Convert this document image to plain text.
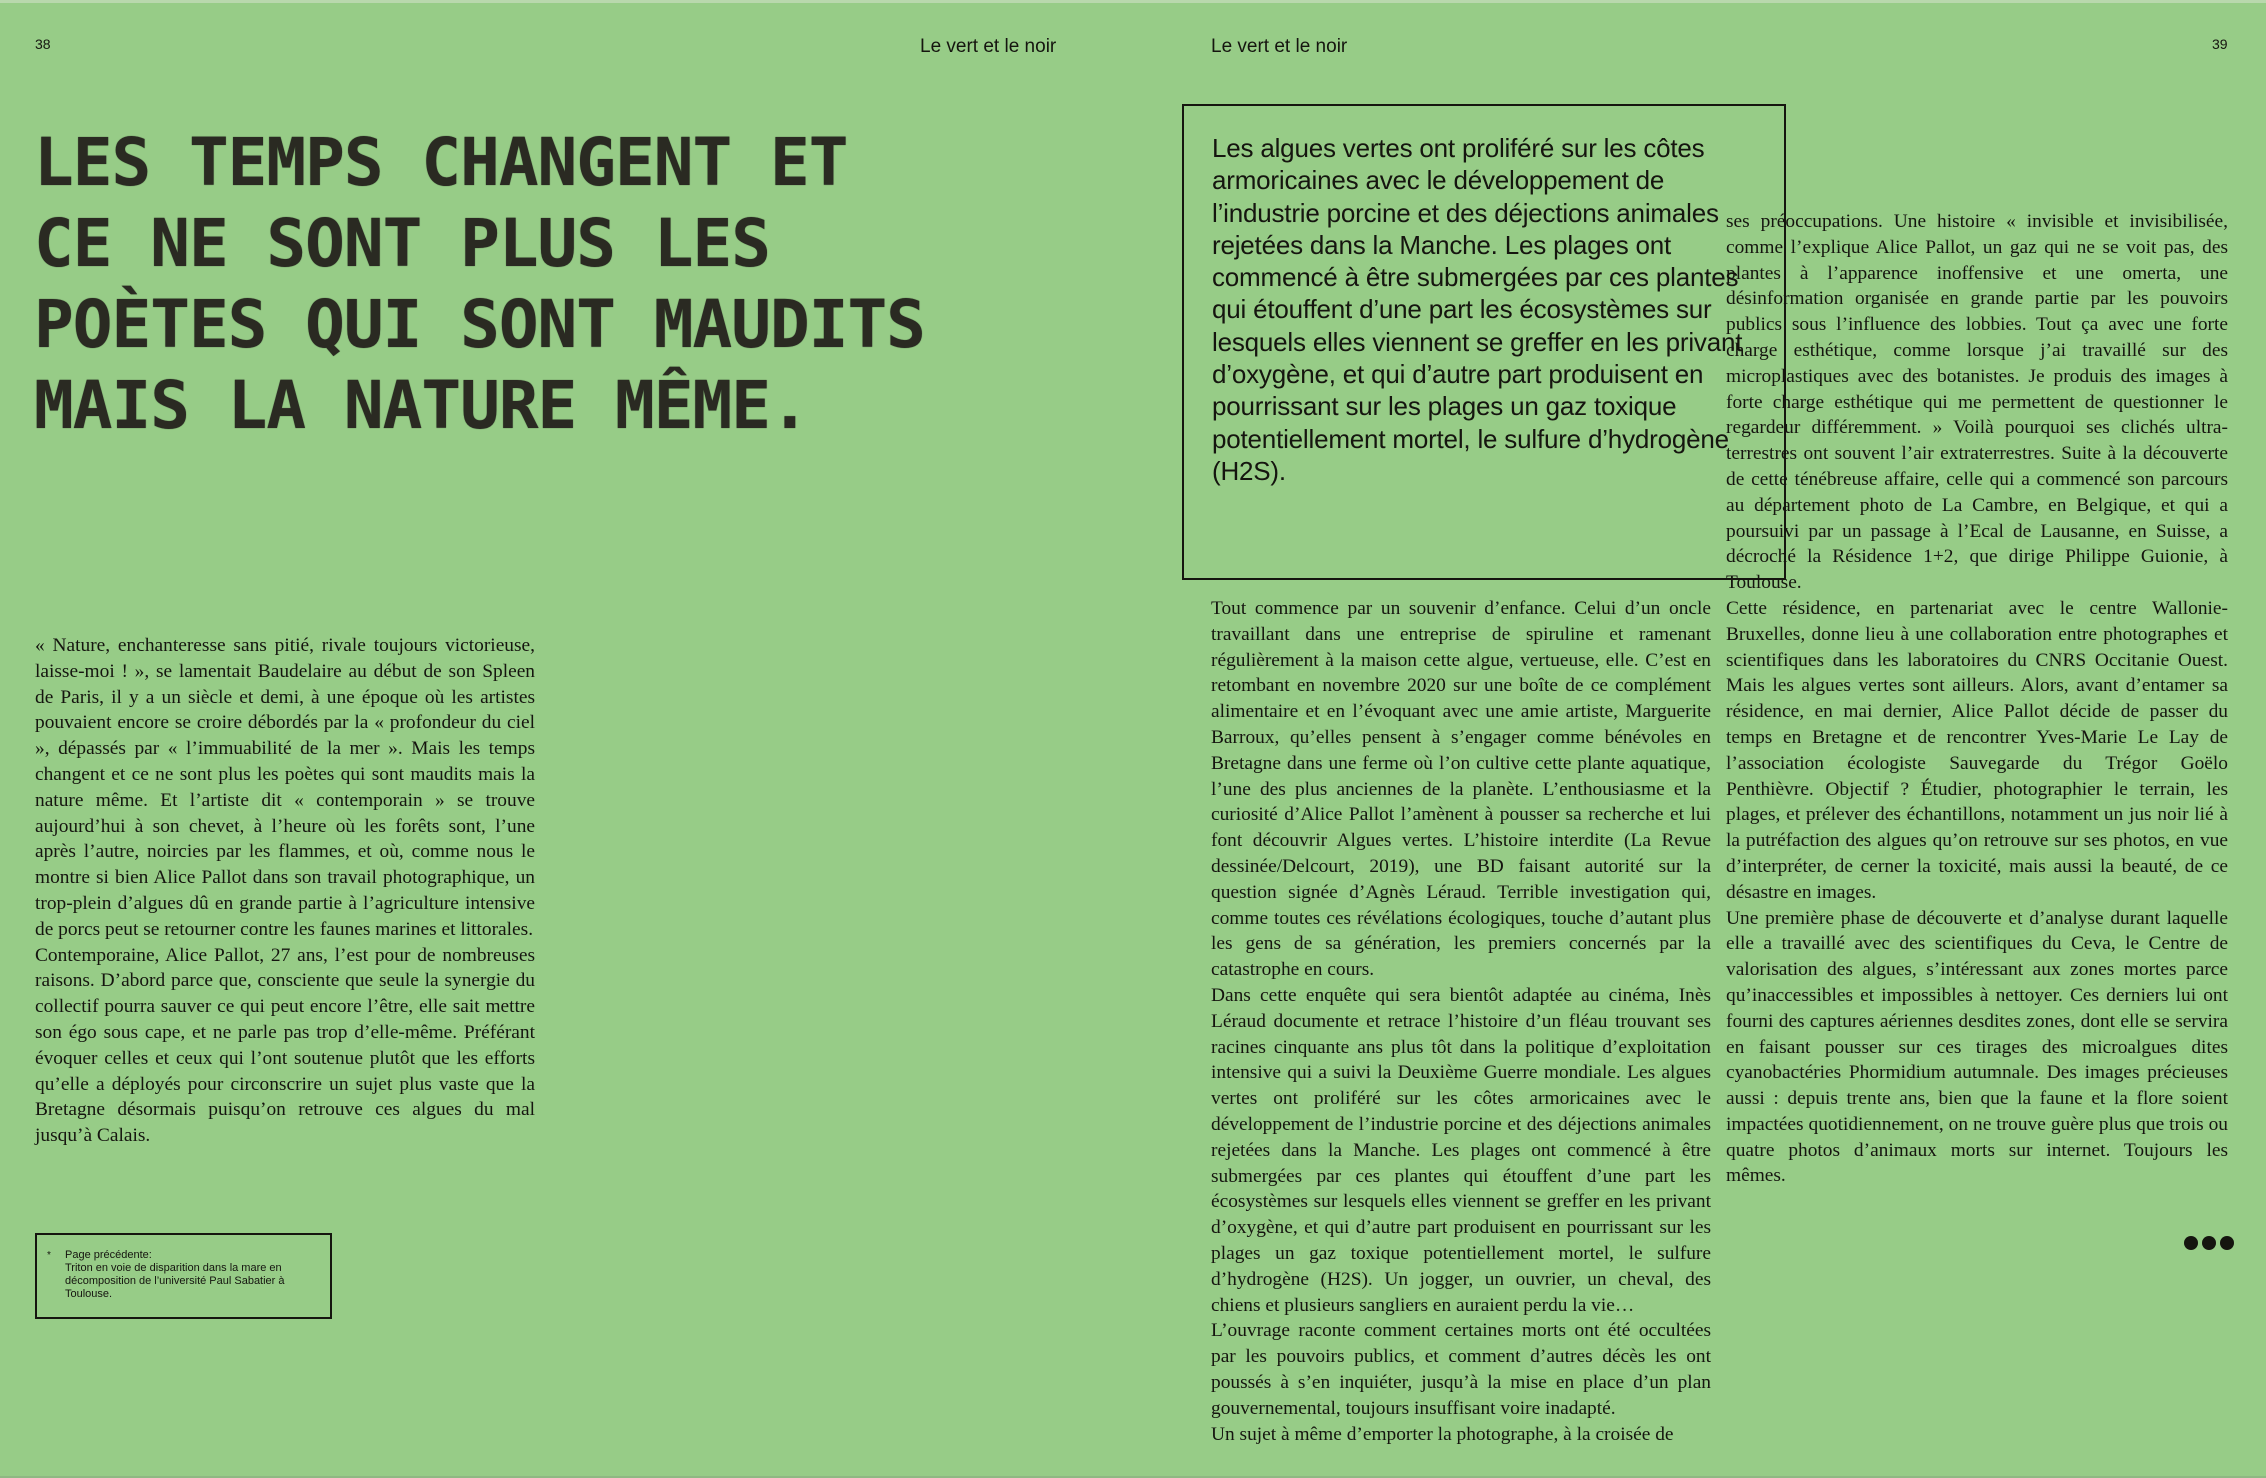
38	Le vert et le noir
LES TEMPS CHANGENT ET CE NE SONT PLUS LES POÈTES QUI SONT MAUDITS MAIS LA NATURE MÊME.

« Nature, enchanteresse sans pitié, rivale toujours victorieuse, laisse-moi ! », se lamentait Baudelaire au début de son Spleen de Paris, il y a un siècle et demi, à une époque où les artistes pouvaient encore se croire débordés par la « profondeur du ciel », dépassés par « l’immuabilité de la mer ». Mais les temps changent et ce ne sont plus les poètes qui sont maudits mais la nature même. Et l’artiste dit « contemporain » se trouve aujourd’hui à son chevet, à l’heure où les forêts sont, l’une après l’autre, noircies par les flammes, et où, comme nous le montre si bien Alice Pallot dans son travail photographique, un trop-plein d’algues dû en grande partie à l’agriculture intensive de porcs peut se retourner contre les faunes marines et littorales.

Contemporaine, Alice Pallot, 27 ans, l’est pour de nombreuses raisons. D’abord parce que, consciente que seule la synergie du collectif pourra sauver ce qui peut encore l’être, elle sait mettre son égo sous cape, et ne parle pas trop d’elle-même. Préférant évoquer celles et ceux qui l’ont soutenue plutôt que les efforts qu’elle a déployés pour circonscrire un sujet plus vaste que la Bretagne désormais puisqu’on retrouve ces algues du mal jusqu’à Calais.

* Page précédente:
Triton en voie de disparition dans la mare en décomposition de l’université Paul Sabatier à Toulouse.
Le vert et le noir	39

Les algues vertes ont proliféré sur les côtes armoricaines avec le développement de l’industrie porcine et des déjections animales rejetées dans la Manche. Les plages ont commencé à être submergées par ces plantes qui étouffent d’une part les écosystèmes sur lesquels elles viennent se greffer en les privant d’oxygène, et qui d’autre part produisent en pourrissant sur les plages un gaz toxique potentiellement mortel, le sulfure d’hydrogène (H2S).

Tout commence par un souvenir d’enfance. Celui d’un oncle travaillant dans une entreprise de spiruline et ramenant régulièrement à la maison cette algue, vertueuse, elle. C’est en retombant en novembre 2020 sur une boîte de ce complément alimentaire et en l’évoquant avec une amie artiste, Marguerite Barroux, qu’elles pensent à s’engager comme bénévoles en Bretagne dans une ferme où l’on cultive cette plante aquatique, l’une des plus anciennes de la planète. L’enthousiasme et la curiosité d’Alice Pallot l’amènent à pousser sa recherche et lui font découvrir Algues vertes. L’histoire interdite (La Revue dessinée/Delcourt, 2019), une BD faisant autorité sur la question signée d’Agnès Léraud. Terrible investigation qui, comme toutes ces révélations écologiques, touche d’autant plus les gens de sa génération, les premiers concernés par la catastrophe en cours.

Dans cette enquête qui sera bientôt adaptée au cinéma, Inès Léraud documente et retrace l’histoire d’un fléau trouvant ses racines cinquante ans plus tôt dans la politique d’exploitation intensive qui a suivi la Deuxième Guerre mondiale. Les algues vertes ont proliféré sur les côtes armoricaines avec le développement de l’industrie porcine et des déjections animales rejetées dans la Manche. Les plages ont commencé à être submergées par ces plantes qui étouffent d’une part les écosystèmes sur lesquels elles viennent se greffer en les privant d’oxygène, et qui d’autre part produisent en pourrissant sur les plages un gaz toxique potentiellement mortel, le sulfure d’hydrogène (H2S). Un jogger, un ouvrier, un cheval, des chiens et plusieurs sangliers en auraient perdu la vie…

L’ouvrage raconte comment certaines morts ont été occultées par les pouvoirs publics, et comment d’autres décès les ont poussés à s’en inquiéter, jusqu’à la mise en place d’un plan gouvernemental, toujours insuffisant voire inadapté.

Un sujet à même d’emporter la photographe, à la croisée de

ses préoccupations. Une histoire « invisible et invisibilisée, comme l’explique Alice Pallot, un gaz qui ne se voit pas, des plantes à l’apparence inoffensive et une omerta, une désinformation organisée en grande partie par les pouvoirs publics sous l’influence des lobbies. Tout ça avec une forte charge esthétique, comme lorsque j’ai travaillé sur des microplastiques avec des botanistes. Je produis des images à forte charge esthétique qui me permettent de questionner le regardeur différemment. » Voilà pourquoi ses clichés ultra-terrestres ont souvent l’air extraterrestres. Suite à la découverte de cette ténébreuse affaire, celle qui a commencé son parcours au département photo de La Cambre, en Belgique, et qui a poursuivi par un passage à l’Ecal de Lausanne, en Suisse, a décroché la Résidence 1+2, que dirige Philippe Guionie, à Toulouse.

Cette résidence, en partenariat avec le centre Wallonie-Bruxelles, donne lieu à une collaboration entre photographes et scientifiques dans les laboratoires du CNRS Occitanie Ouest. Mais les algues vertes sont ailleurs. Alors, avant d’entamer sa résidence, en mai dernier, Alice Pallot décide de passer du temps en Bretagne et de rencontrer Yves-Marie Le Lay de l’association écologiste Sauvegarde du Trégor Goëlo Penthièvre. Objectif ? Étudier, photographier le terrain, les plages, et prélever des échantillons, notamment un jus noir lié à la putréfaction des algues qu’on retrouve sur ses photos, en vue d’interpréter, de cerner la toxicité, mais aussi la beauté, de ce désastre en images.

Une première phase de découverte et d’analyse durant laquelle elle a travaillé avec des scientifiques du Ceva, le Centre de valorisation des algues, s’intéressant aux zones mortes parce qu’inaccessibles et impossibles à nettoyer. Ces derniers lui ont fourni des captures aériennes desdites zones, dont elle se servira en faisant pousser sur ces tirages des microalgues dites cyanobactéries Phormidium autumnale. Des images précieuses aussi : depuis trente ans, bien que la faune et la flore soient impactées quotidiennement, on ne trouve guère plus que trois ou quatre photos d’animaux morts sur internet. Toujours les mêmes.
